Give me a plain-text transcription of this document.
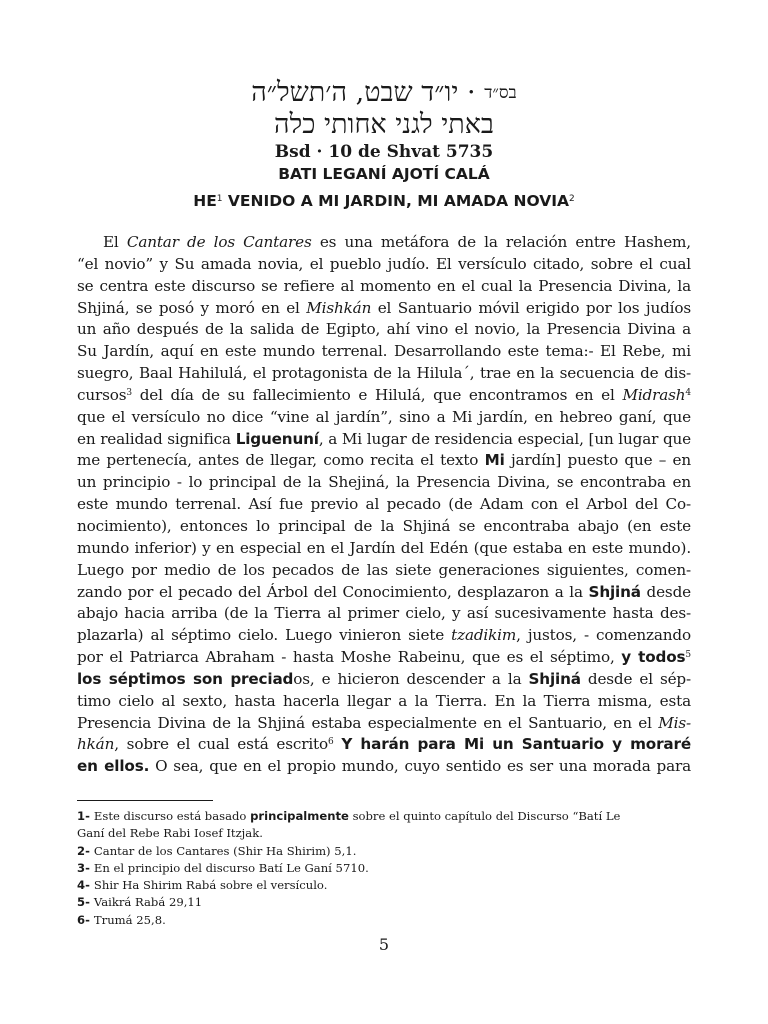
בס״ד · יו״ד שבט, ה׳תשל״ה
באתי לגני אחותי כלה
Bsd · 10 de Shvat 5735
BATI LEGANÍ AJOTÍ CALÁ
$HE^1$ VENIDO A MI JARDIN, MI AMADA NOVIA$^2$
El Cantar de los Cantares es una metáfora de la relación entre Hashem,
“el novio” y Su amada novia, el pueblo judío. El versículo citado, sobre el cual
se centra este discurso se refiere al momento en el cual la Presencia Divina, la
Shjiná, se posó y moró en el Mishkán el Santuario móvil erigido por los judíos
un año después de la salida de Egipto, ahí vino el novio, la Presencia Divina a
Su Jardín, aquí en este mundo terrenal. Desarrollando este tema:- El Rebe, mi
suegro, Baal Hahilulá, el protagonista de la Hilula´, trae en la secuencia de dis-
cursos$^3$ del día de su fallecimiento e Hilulá, que encontramos en el Midrash$^4$
que el versículo no dice “vine al jardín”, sino a Mi jardín, en hebreo ganí, que
en realidad significa Liguenuní, a Mi lugar de residencia especial, [un lugar que
me pertenecía, antes de llegar, como recita el texto Mi jardín] puesto que – en
un principio - lo principal de la Shejiná, la Presencia Divina, se encontraba en
este mundo terrenal. Así fue previo al pecado (de Adam con el Arbol del Co-
nocimiento), entonces lo principal de la Shjiná se encontraba abajo (en este
mundo inferior) y en especial en el Jardín del Edén (que estaba en este mundo).
Luego por medio de los pecados de las siete generaciones siguientes, comen-
zando por el pecado del Árbol del Conocimiento, desplazaron a la Shjiná desde
abajo hacia arriba (de la Tierra al primer cielo, y así sucesivamente hasta des-
plazarla) al séptimo cielo. Luego vinieron siete tzadikim, justos, - comenzando
por el Patriarca Abraham - hasta Moshe Rabeinu, que es el séptimo, y todos$^5$
los séptimos son preciados, e hicieron descender a la Shjiná desde el sép-
timo cielo al sexto, hasta hacerla llegar a la Tierra. En la Tierra misma, esta
Presencia Divina de la Shjiná estaba especialmente en el Santuario, en el Mis-
hkán, sobre el cual está escrito$^6$ Y harán para Mi un Santuario y moraré
en ellos. O sea, que en el propio mundo, cuyo sentido es ser una morada para
1- Este discurso está basado principalmente sobre el quinto capítulo del Discurso “Batí Le
Ganí del Rebe Rabi Iosef Itzjak.
2- Cantar de los Cantares (Shir Ha Shirim) 5,1.
3- En el principio del discurso Batí Le Ganí 5710.
4- Shir Ha Shirim Rabá sobre el versículo.
5- Vaikrá Rabá 29,11
6- Trumá 25,8.
5
